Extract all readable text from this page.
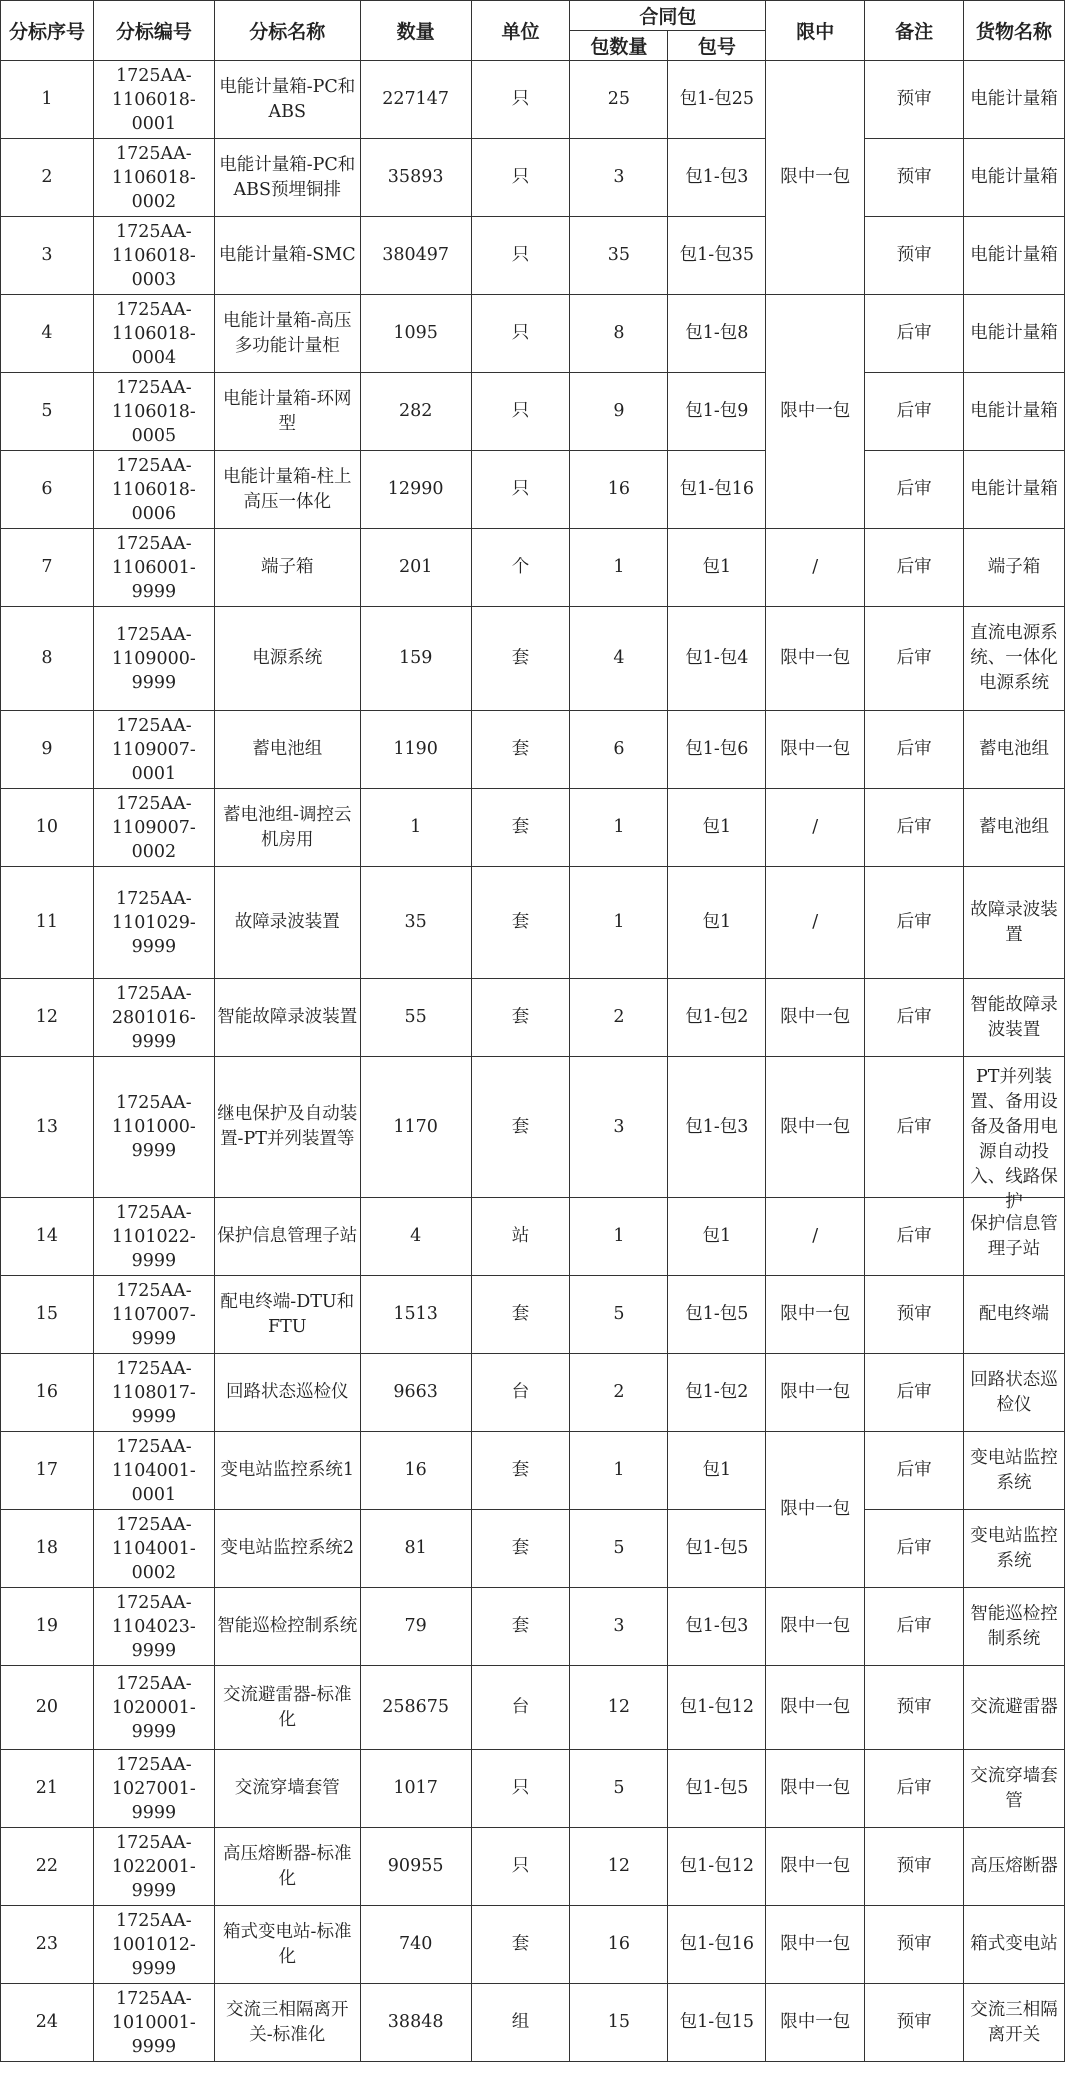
分标序号	分标编号	分标名称	数量	单位	合同包		限中	备注	货物名称
					包数量	包号			
1	1725AA-1106018-0001	电能计量箱-PC和ABS	227147	只	25	包1-包25	限中一包	预审	电能计量箱

2	1725AA-1106018-0002	电能计量箱-PC和ABS预埋铜排	35893	只	3	包1-包3		预审	电能计量箱

3	1725AA-1106018-0003	电能计量箱-SMC	380497	只	35	包1-包35		预审	电能计量箱

4	1725AA-1106018-0004	电能计量箱-高压多功能计量柜	1095	只	8	包1-包8	限中一包	后审	电能计量箱

5	1725AA-1106018-0005	电能计量箱-环网型	282	只	9	包1-包9		后审	电能计量箱

6	1725AA-1106018-0006	电能计量箱-柱上高压一体化	12990	只	16	包1-包16		后审	电能计量箱

7	1725AA-1106001-9999	端子箱	201	个	1	包1	/	后审	端子箱

8	1725AA-1109000-9999	电源系统	159	套	4	包1-包4	限中一包	后审	直流电源系统、一体化电源系统

9	1725AA-1109007-0001	蓄电池组	1190	套	6	包1-包6	限中一包	后审	蓄电池组

10	1725AA-1109007-0002	蓄电池组-调控云机房用	1	套	1	包1	/	后审	蓄电池组

11	1725AA-1101029-9999	故障录波装置	35	套	1	包1	/	后审	故障录波装置

12	1725AA-2801016-9999	智能故障录波装置	55	套	2	包1-包2	限中一包	后审	智能故障录波装置

13	1725AA-1101000-9999	继电保护及自动装置-PT并列装置等	1170	套	3	包1-包3	限中一包	后审	PT并列装置、备用设备及备用电源自动投入、线路保护

14	1725AA-1101022-9999	保护信息管理子站	4	站	1	包1	/	后审	保护信息管理子站

15	1725AA-1107007-9999	配电终端-DTU和FTU	1513	套	5	包1-包5	限中一包	预审	配电终端

16	1725AA-1108017-9999	回路状态巡检仪	9663	台	2	包1-包2	限中一包	后审	回路状态巡检仪

17	1725AA-1104001-0001	变电站监控系统1	16	套	1	包1	限中一包	后审	变电站监控系统

18	1725AA-1104001-0002	变电站监控系统2	81	套	5	包1-包5		后审	变电站监控系统

19	1725AA-1104023-9999	智能巡检控制系统	79	套	3	包1-包3	限中一包	后审	智能巡检控制系统

20	1725AA-1020001-9999	交流避雷器-标准化	258675	台	12	包1-包12	限中一包	预审	交流避雷器

21	1725AA-1027001-9999	交流穿墙套管	1017	只	5	包1-包5	限中一包	后审	交流穿墙套管

22	1725AA-1022001-9999	高压熔断器-标准化	90955	只	12	包1-包12	限中一包	预审	高压熔断器

23	1725AA-1001012-9999	箱式变电站-标准化	740	套	16	包1-包16	限中一包	预审	箱式变电站

24	1725AA-1010001-9999	交流三相隔离开关-标准化	38848	组	15	包1-包15	限中一包	预审	交流三相隔离开关
